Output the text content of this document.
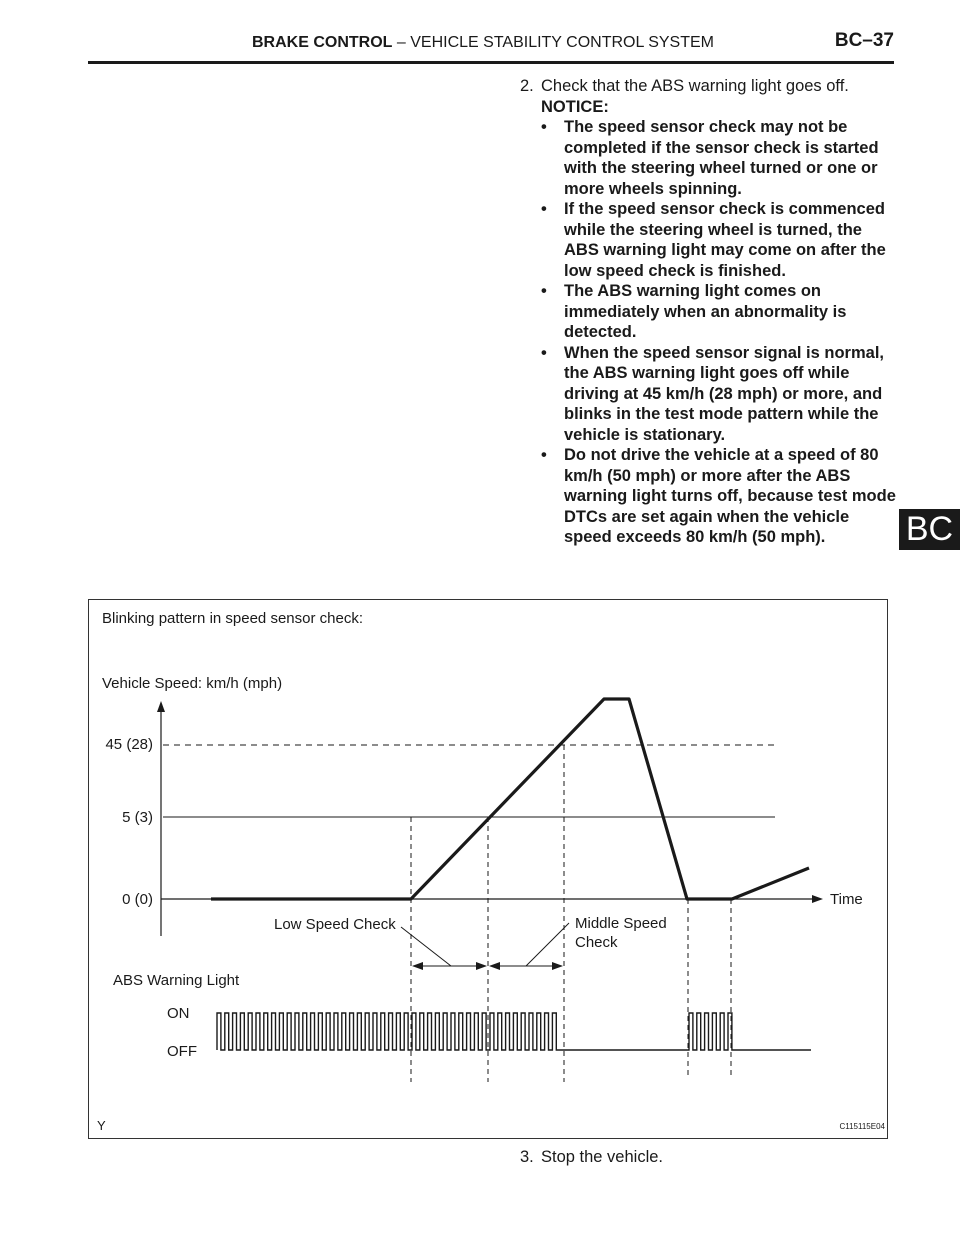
BRAKE CONTROL – VEHICLE STABILITY CONTROL SYSTEM	BC–37
BC
2. Check that the ABS warning light goes off.
NOTICE:
•	The speed sensor check may not be completed if the sensor check is started with the steering wheel turned or one or more wheels spinning.
•	If the speed sensor check is commenced while the steering wheel is turned, the ABS warning light may come on after the low speed check is finished.
•	The ABS warning light comes on immediately when an abnormality is detected.
•	When the speed sensor signal is normal, the ABS warning light goes off while driving at 45 km/h (28 mph) or more, and blinks in the test mode pattern while the vehicle is stationary.
•	Do not drive the vehicle at a speed of 80 km/h (50 mph) or more after the ABS warning light turns off, because test mode DTCs are set again when the vehicle speed exceeds 80 km/h (50 mph).
Blinking pattern in speed sensor check:
Vehicle Speed: km/h (mph)
Time
45 (28)
5 (3)
0 (0)
Low Speed Check	Middle Speed
Check
ABS Warning Light
ON
OFF
Y	C115115E04
3. Stop the vehicle.
